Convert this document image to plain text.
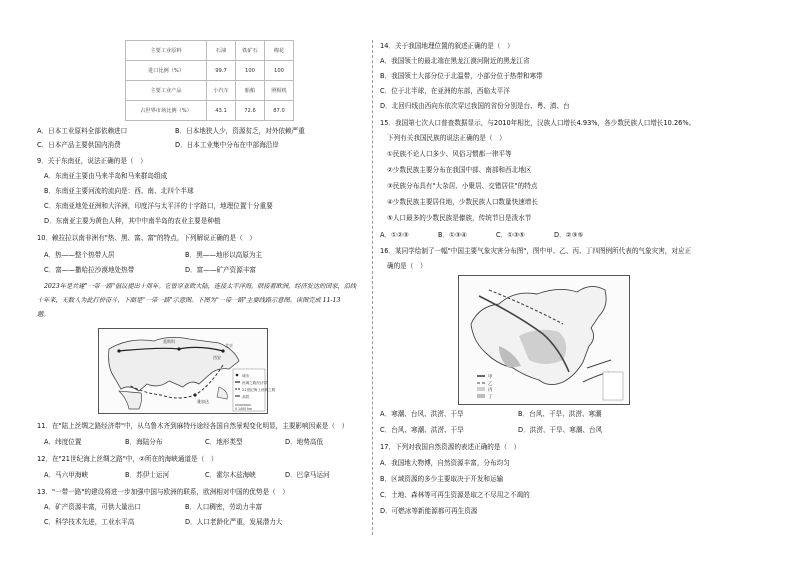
主要工业原料	石油	铁矿石	棉花
进口比例（%）	99.7	100	100
主要工业产品	小汽车	船舶	照相机
占世界市场比例（%）	43.1	72.6	87.0
A．日本工业原料全部依赖进口	B．日本地狭人少，资源贫乏，对外依赖严重
C．日本产品主要供国内消费	D．日本工业集中分布在中部海沿岸
9．关于东南亚，说法正确的是（　）
A．东南亚主要由马来半岛和马来群岛组成
B．东南亚主要河流的流向是：西、南、北四个半球
C．东南亚地处亚洲和大洋洲，印度洋与太平洋的十字路口，地理位置十分重要
D．东南亚主要为黄色人种，其中中南半岛的农业主要是种植
10．赖拉拉以南非洲有"热、黑、富、富"的特点，下列解说正确的是（　）
A．热——整个热带人居	B．黑——地形以高原为主
C．富——撒哈拉沙漠地处热带	D．富——矿产资源丰富
2023年是共建"一带一路"倡议提出十周年。它曾穿亚欧大陆，连接太平洋海，联接着欧洲，经济发达的国家，沿线
十年来，无数人为此打拼奋斗，下面是"一带一路"示意图。下图为"一带一路"主要线路示意图。读图完成 11-13
题。
莫斯科
北京
西安
雅加达
城市
丝绸之路经济带
21世纪海上丝绸之路
高铁
0 1400 km
11．在"陆上丝绸之路经济带"中，从乌鲁木齐到麻特丹途经各国自然景观变化明显，主要影响因素是（　）
A．纬度位置	B．海陆分布	C．地形类型	D．地势高低
12．在"21世纪海上丝绸之路"中，②所在的海峡通道是（　）
A．马六甲海峡	B．苏伊士运河	C．霍尔木兹海峡	D．巴拿马运河
13．"一带一路"的建设将进一步加强中国与欧洲的联系，欧洲相对中国的优势是（　）
A．矿产资源丰富，可供大量出口	B．人口稠密，劳动力丰富
C．科学技术先进，工业水平高	D．人口老龄化严重，发展潜力大
14．关于我国地理位置的叙述正确的是（　）
A．我国领土的最北端在黑龙江漠河附近的黑龙江省
B．我国领土大部分位于北温带，小部分位于热带和寒带
C．位于北半球，在亚洲的东部，西临太平洋
D．北回归线由西向东依次穿过我国的省份分别是台、粤、滇、台
15．我国第七次人口普查数据显示，与2010年相比，汉族人口增长4.93%，各少数民族人口增长10.26%。
下列有关我国民族的说法正确的是（　）
①民族不论人口多少、风俗习惯都一律平等
②少数民族主要分布在我国中部、南部和西北地区
③民族分布具有"大杂居、小聚居、交错居住"的特点
④少数民族主要居住地，少数民族人口数量快速增长
⑤人口最多的少数民族是傣族，传统节日是泼水节
A．①②③	B．①③④	C．①③⑤	D．②③⑤
16．某同学绘制了一幅"中国主要气象灾害分布图"，图中甲、乙、丙、丁四图例所代表的气象灾害，对应正
确的是（　）
甲
乙
丙
丁
A．寒潮、台风、洪涝、干旱	B．台风、干旱、洪涝、寒潮
C．台风、寒潮、洪涝、干旱	D．洪涝、干旱、寒潮、台风
17．下列对我国自然资源的表述正确的是（　）
A．我国地大物博，自然资源丰富，分布均匀
B．区域资源的多少主要取决于开发和运输
C．土地、森林等可再生资源是取之不尽用之不竭的
D．可燃冰等新能源都可再生资源
